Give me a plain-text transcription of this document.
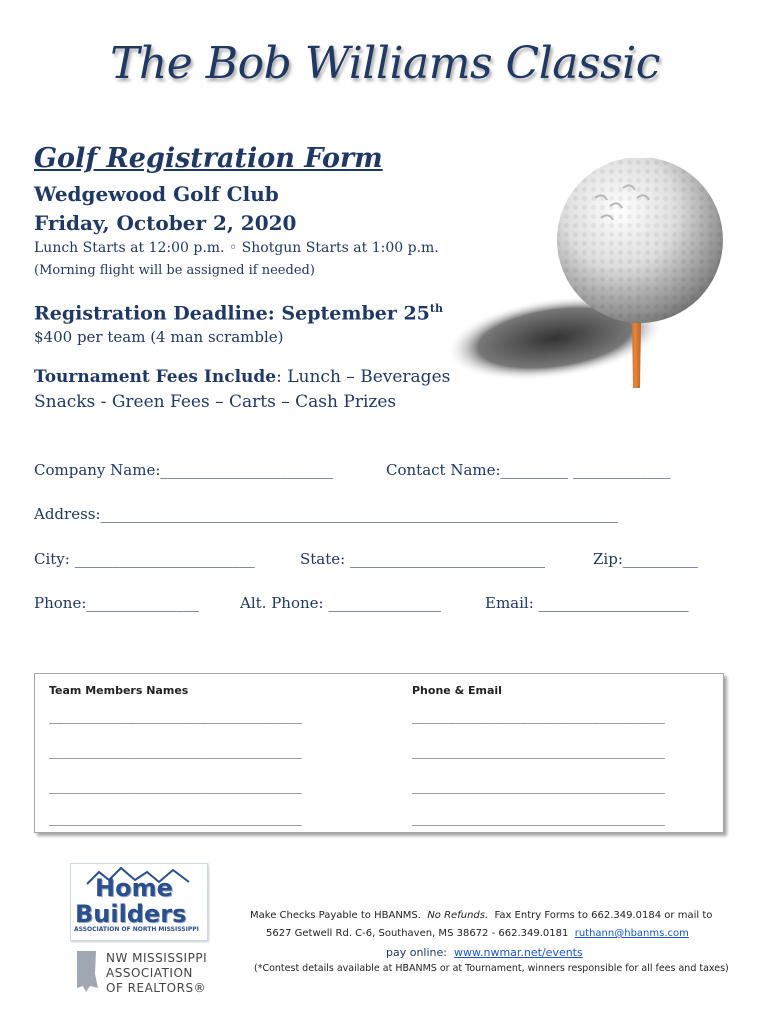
The Bob Williams Classic
Golf Registration Form
Wedgewood Golf Club
Friday, October 2, 2020
Lunch Starts at 12:00 p.m. ◦ Shotgun Starts at 1:00 p.m.
(Morning flight will be assigned if needed)
Registration Deadline: September 25th
$400 per team (4 man scramble)
Tournament Fees Include: Lunch – Beverages
Snacks - Green Fees – Carts – Cash Prizes
Company Name:_______________________	Contact Name:_________ _____________
Address:_____________________________________________________________________
City: ________________________	State: __________________________	Zip:__________
Phone:_______________	Alt. Phone: _______________	Email: ____________________
Team Members Names	Phone & Email
___________________________________	___________________________________
___________________________________	___________________________________
___________________________________	___________________________________
___________________________________	___________________________________
Home
Builders
ASSOCIATION OF NORTH MISSISSIPPI
NW MISSISSIPPI
ASSOCIATION
OF REALTORS®
Make Checks Payable to HBANMS. No Refunds. Fax Entry Forms to 662.349.0184 or mail to
5627 Getwell Rd. C-6, Southaven, MS 38672 - 662.349.0181 ruthann@hbanms.com
pay online: www.nwmar.net/events
(*Contest details available at HBANMS or at Tournament, winners responsible for all fees and taxes)
